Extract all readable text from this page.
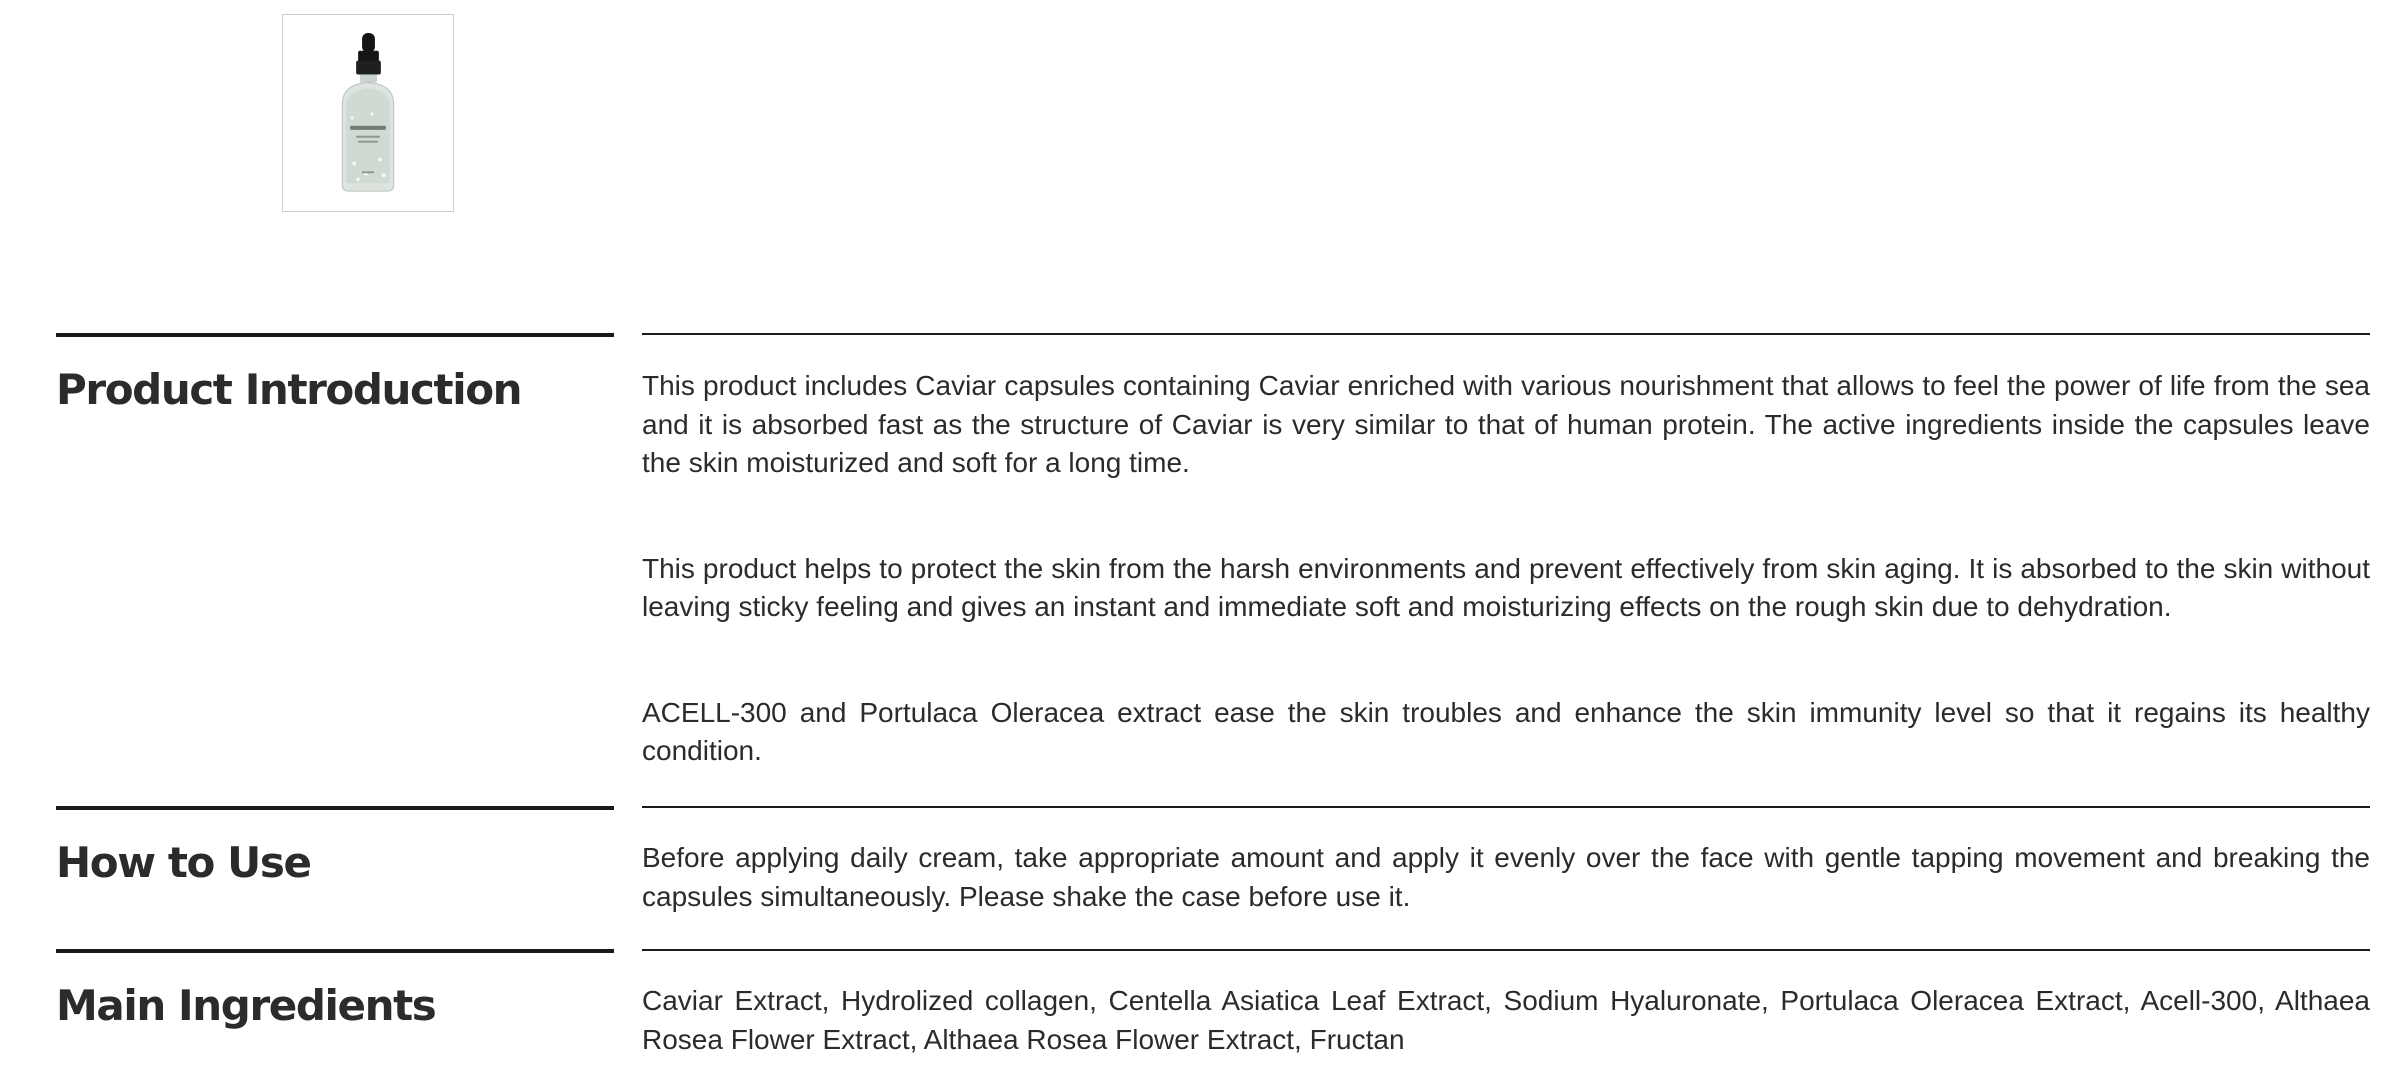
Product Introduction	This product includes Caviar capsules containing Caviar enriched with various nourishment that allows to feel the power of life from the sea and it is absorbed fast as the structure of Caviar is very similar to that of human protein. The active ingredients inside the capsules leave the skin moisturized and soft for a long time.

This product helps to protect the skin from the harsh environments and prevent effectively from skin aging. It is absorbed to the skin without leaving sticky feeling and gives an instant and immediate soft and moisturizing effects on the rough skin due to dehydration.

ACELL-300 and Portulaca Oleracea extract ease the skin troubles and enhance the skin immunity level so that it regains its healthy condition.

How to Use	Before applying daily cream, take appropriate amount and apply it evenly over the face with gentle tapping movement and breaking the capsules simultaneously. Please shake the case before use it.

Main Ingredients	Caviar Extract, Hydrolized collagen, Centella Asiatica Leaf Extract, Sodium Hyaluronate, Portulaca Oleracea Extract, Acell-300, Althaea Rosea Flower Extract, Althaea Rosea Flower Extract, Fructan
